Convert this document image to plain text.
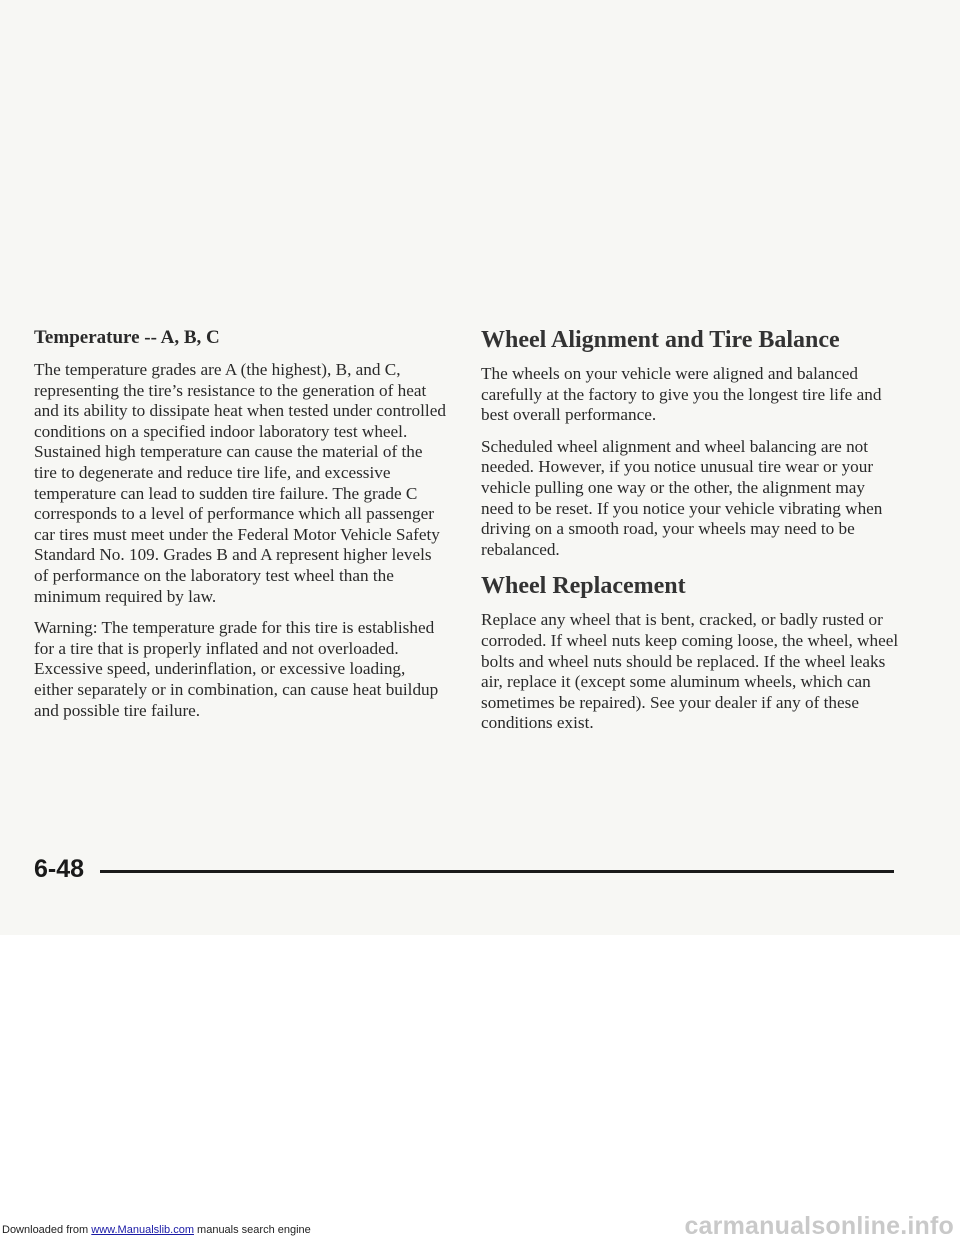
Temperature -- A, B, C

The temperature grades are A (the highest), B, and C, representing the tire’s resistance to the generation of heat and its ability to dissipate heat when tested under controlled conditions on a specified indoor laboratory test wheel. Sustained high temperature can cause the material of the tire to degenerate and reduce tire life, and excessive temperature can lead to sudden tire failure. The grade C corresponds to a level of performance which all passenger car tires must meet under the Federal Motor Vehicle Safety Standard No. 109. Grades B and A represent higher levels of performance on the laboratory test wheel than the minimum required by law.

Warning: The temperature grade for this tire is established for a tire that is properly inflated and not overloaded. Excessive speed, underinflation, or excessive loading, either separately or in combination, can cause heat buildup and possible tire failure.

Wheel Alignment and Tire Balance

The wheels on your vehicle were aligned and balanced carefully at the factory to give you the longest tire life and best overall performance.

Scheduled wheel alignment and wheel balancing are not needed. However, if you notice unusual tire wear or your vehicle pulling one way or the other, the alignment may need to be reset. If you notice your vehicle vibrating when driving on a smooth road, your wheels may need to be rebalanced.

Wheel Replacement

Replace any wheel that is bent, cracked, or badly rusted or corroded. If wheel nuts keep coming loose, the wheel, wheel bolts and wheel nuts should be replaced. If the wheel leaks air, replace it (except some aluminum wheels, which can sometimes be repaired). See your dealer if any of these conditions exist.

6-48
Downloaded from www.Manualslib.com manuals search engine	carmanualsonline.info
